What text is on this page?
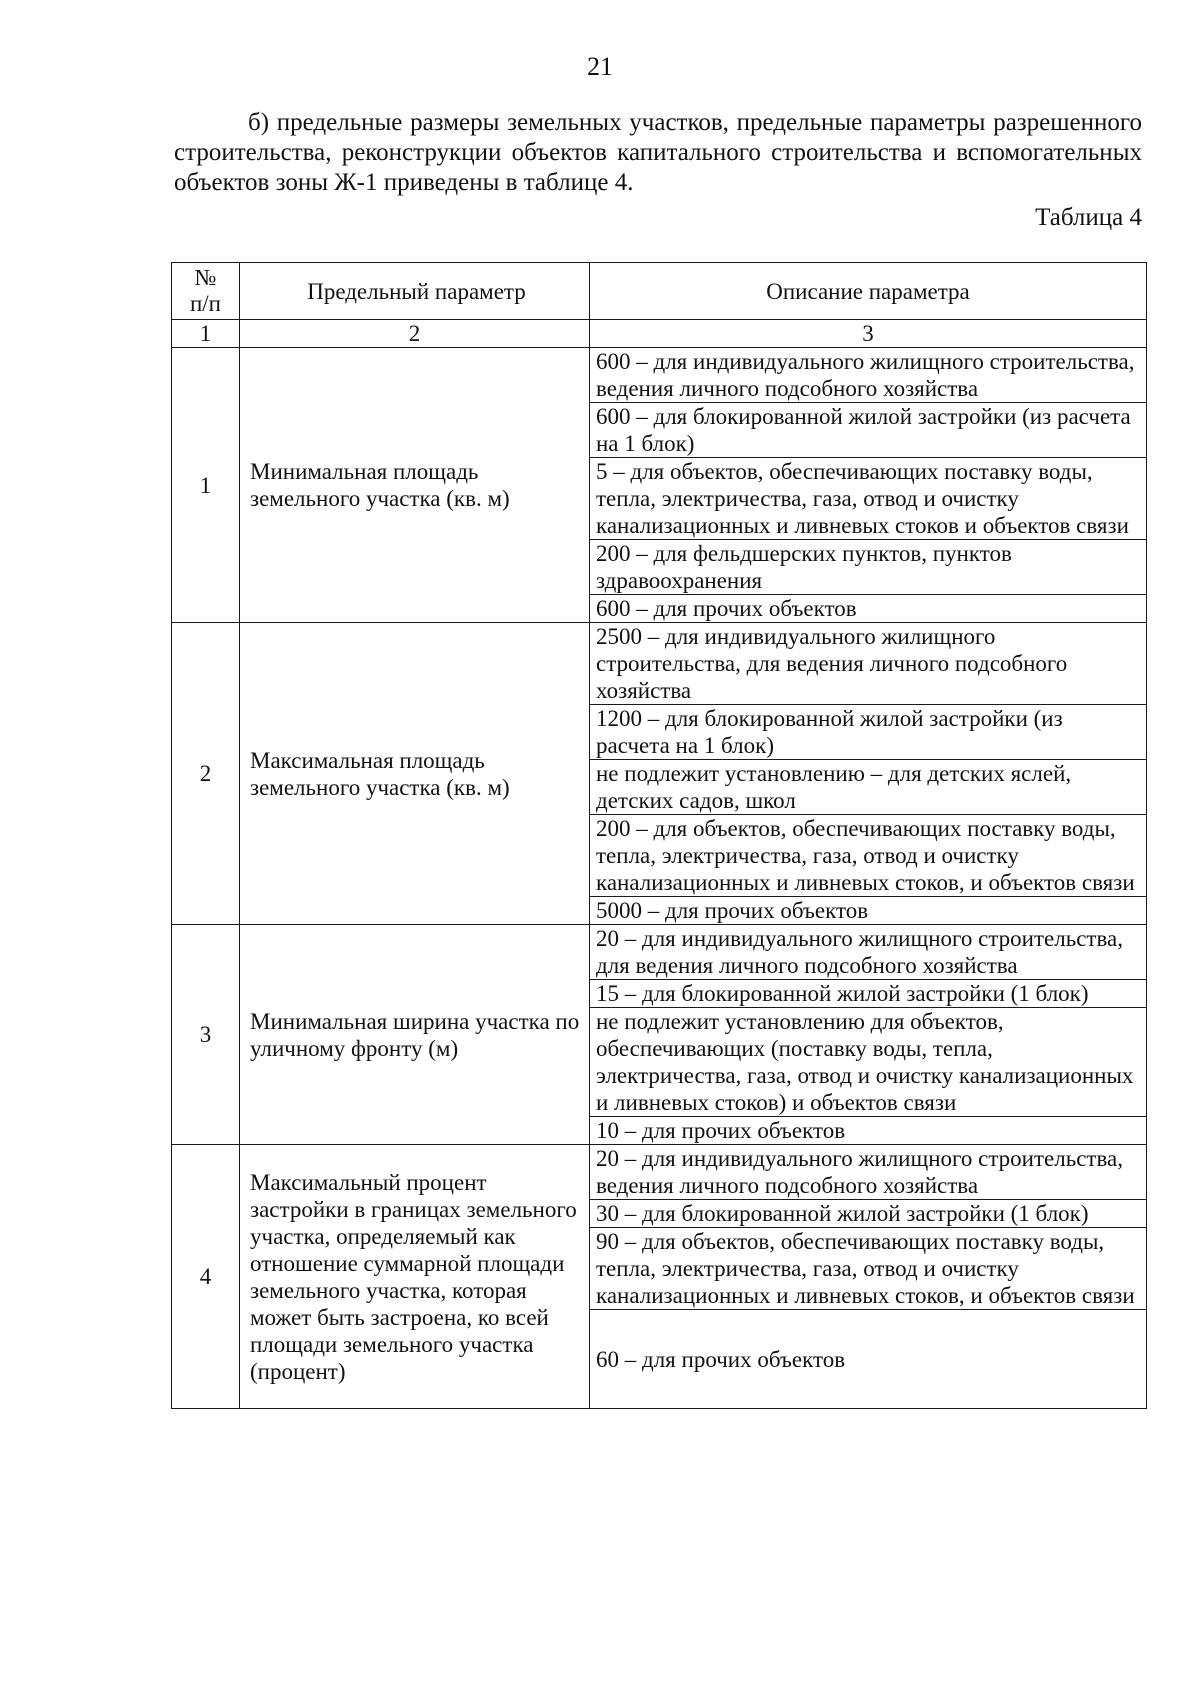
21

б) предельные размеры земельных участков, предельные параметры разрешенного строительства, реконструкции объектов капитального строительства и вспомогательных объектов зоны Ж-1 приведены в таблице 4.

Таблица 4
№ п/п	Предельный параметр	Описание параметра
1	2	3
1	Минимальная площадь земельного участка (кв. м)	600 – для индивидуального жилищного строительства, ведения личного подсобного хозяйства
		600 – для блокированной жилой застройки (из расчета на 1 блок)
		5 – для объектов, обеспечивающих поставку воды, тепла, электричества, газа, отвод и очистку канализационных и ливневых стоков и объектов связи
		200 – для фельдшерских пунктов, пунктов здравоохранения
		600 – для прочих объектов
2	Максимальная площадь земельного участка (кв. м)	2500 – для индивидуального жилищного строительства, для ведения личного подсобного хозяйства
		1200 – для блокированной жилой застройки (из расчета на 1 блок)
		не подлежит установлению – для детских яслей, детских садов, школ
		200 – для объектов, обеспечивающих поставку воды, тепла, электричества, газа, отвод и очистку канализационных и ливневых стоков, и объектов связи
		5000 – для прочих объектов
3	Минимальная ширина участка по уличному фронту (м)	20 – для индивидуального жилищного строительства, для ведения личного подсобного хозяйства
		15 – для блокированной жилой застройки (1 блок)
		не подлежит установлению для объектов, обеспечивающих (поставку воды, тепла, электричества, газа, отвод и очистку канализационных и ливневых стоков) и объектов связи
		10 – для прочих объектов
4	Максимальный процент застройки в границах земельного участка, определяемый как отношение суммарной площади земельного участка, которая может быть застроена, ко всей площади земельного участка (процент)	20 – для индивидуального жилищного строительства, ведения личного подсобного хозяйства
		30 – для блокированной жилой застройки (1 блок)
		90 – для объектов, обеспечивающих поставку воды, тепла, электричества, газа, отвод и очистку канализационных и ливневых стоков, и объектов связи
		60 – для прочих объектов
